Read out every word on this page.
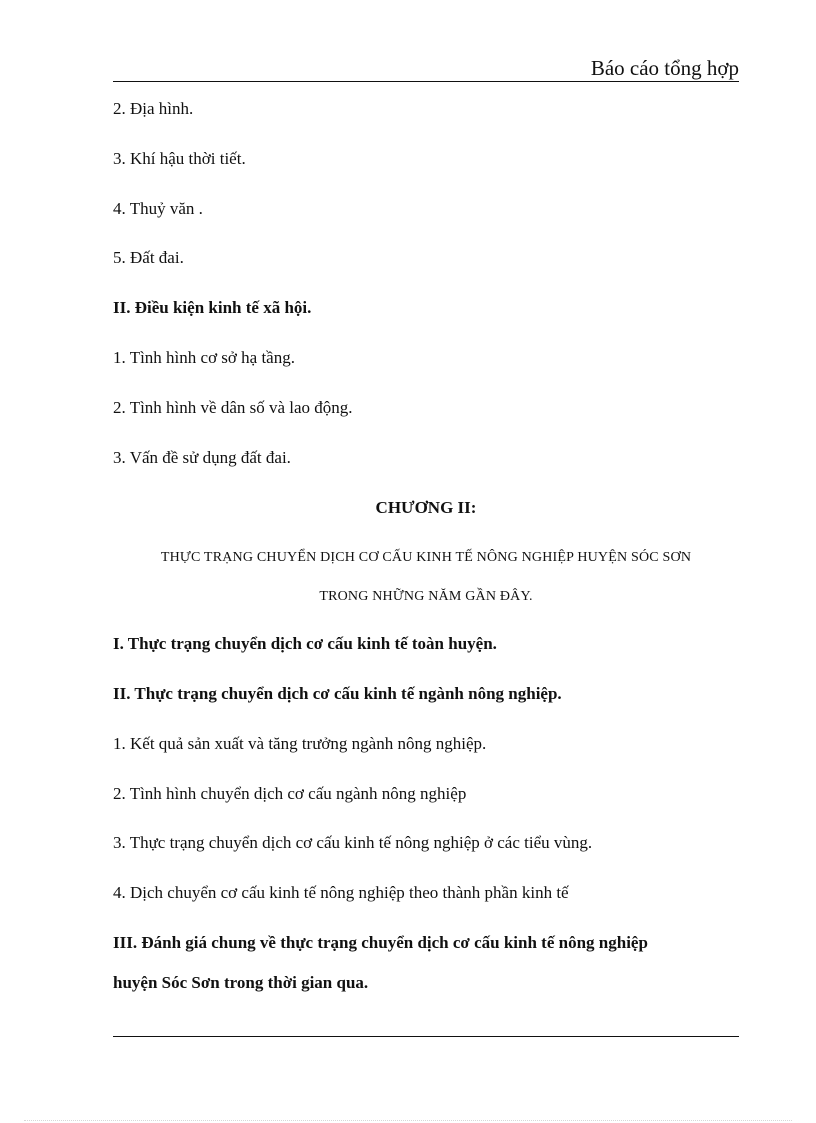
Báo cáo tổng hợp
2. Địa hình.
3. Khí hậu thời tiết.
4. Thuỷ văn .
5. Đất đai.
II. Điều kiện kinh tế xã hội.
1. Tình hình cơ sở hạ tầng.
2. Tình hình về dân số và lao động.
3. Vấn đề sử dụng đất đai.
CHƯƠNG II:
THỰC TRẠNG CHUYỂN DỊCH CƠ CẤU KINH TẾ NÔNG NGHIỆP HUYỆN SÓC SƠN
TRONG NHỮNG NĂM GẦN ĐÂY.
I. Thực trạng chuyển dịch cơ cấu kinh tế toàn huyện.
II. Thực trạng chuyển dịch cơ cấu kinh tế ngành nông nghiệp.
1. Kết quả sản xuất và tăng trưởng ngành nông nghiệp.
2. Tình hình chuyển dịch cơ cấu ngành nông nghiệp
3. Thực trạng chuyển dịch cơ cấu kinh tế nông nghiệp ở các tiểu vùng.
4. Dịch chuyển cơ cấu kinh tế nông nghiệp theo thành phần kinh tế
III. Đánh giá chung về thực trạng chuyển dịch cơ cấu kinh tế nông nghiệp
huyện Sóc Sơn trong thời gian qua.
